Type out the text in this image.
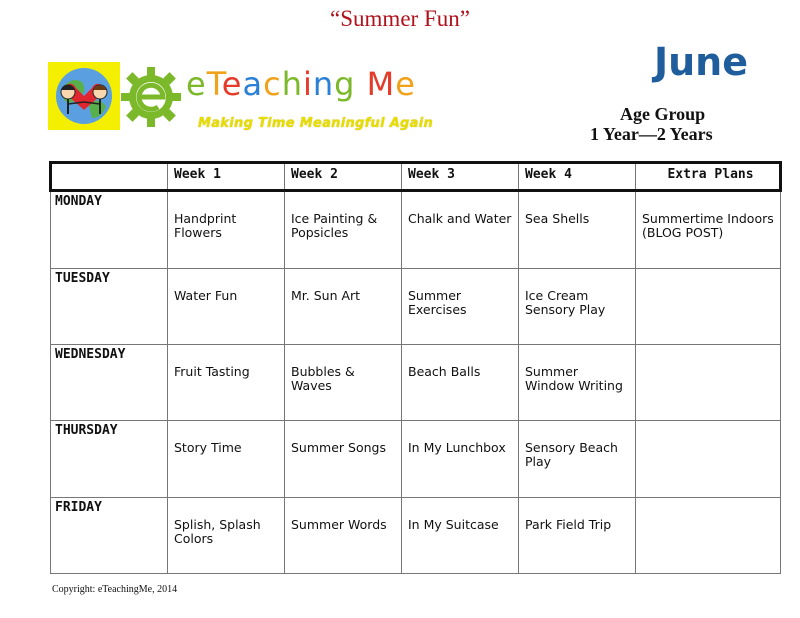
“Summer Fun”
eTeaching Me
Making Time Meaningful Again
June
Age Group
1 Year—2 Years
	Week 1	Week 2	Week 3	Week 4	Extra Plans
MONDAY	Handprint Flowers	Ice Painting & Popsicles	Chalk and Water	Sea Shells	Summertime Indoors (BLOG POST)
TUESDAY	Water Fun	Mr. Sun Art	Summer Exercises	Ice Cream Sensory Play	
WEDNESDAY	Fruit Tasting	Bubbles & Waves	Beach Balls	Summer Window Writing	
THURSDAY	Story Time	Summer Songs	In My Lunchbox	Sensory Beach Play	
FRIDAY	Splish, Splash Colors	Summer Words	In My Suitcase	Park Field Trip	
Copyright: eTeachingMe, 2014
